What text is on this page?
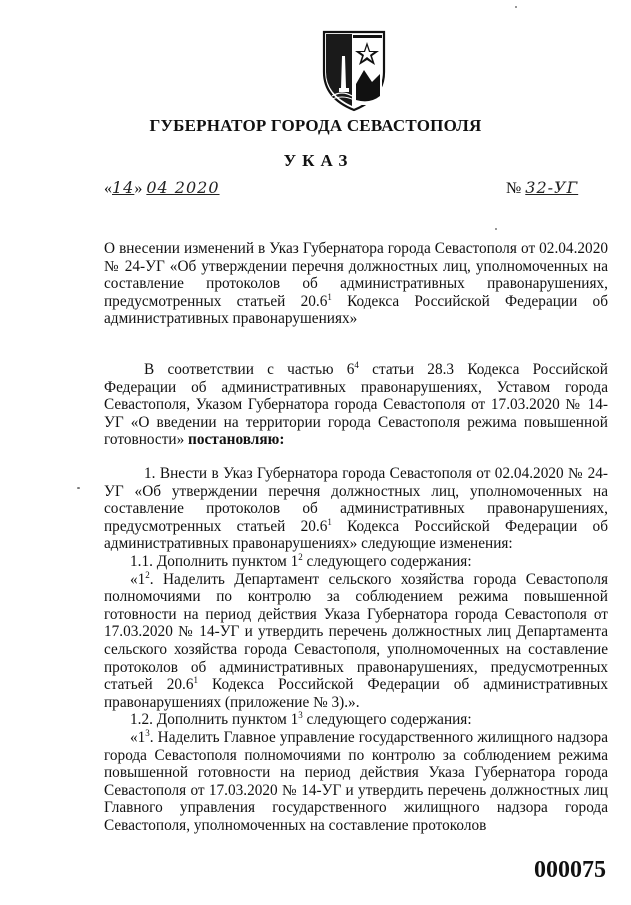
ГУБЕРНАТОР ГОРОДА СЕВАСТОПОЛЯ
УКАЗ
«14» 04 2020	№ 32-УГ

О внесении изменений в Указ Губернатора города Севастополя от 02.04.2020 № 24-УГ «Об утверждении перечня должностных лиц, уполномоченных на составление протоколов об административных правонарушениях, предусмотренных статьей 20.6$^1$ Кодекса Российской Федерации об административных правонарушениях»

В соответствии с частью $6^4$ статьи 28.3 Кодекса Российской Федерации об административных правонарушениях, Уставом города Севастополя, Указом Губернатора города Севастополя от 17.03.2020 № 14-УГ «О введении на территории города Севастополя режима повышенной готовности» постановляю:

1. Внести в Указ Губернатора города Севастополя от 02.04.2020 № 24-УГ «Об утверждении перечня должностных лиц, уполномоченных на составление протоколов об административных правонарушениях, предусмотренных статьей 20.6$^1$ Кодекса Российской Федерации об административных правонарушениях» следующие изменения:

1.1. Дополнить пунктом $1^2$ следующего содержания:

«$1^2$. Наделить Департамент сельского хозяйства города Севастополя полномочиями по контролю за соблюдением режима повышенной готовности на период действия Указа Губернатора города Севастополя от 17.03.2020 № 14-УГ и утвердить перечень должностных лиц Департамента сельского хозяйства города Севастополя, уполномоченных на составление протоколов об административных правонарушениях, предусмотренных статьей 20.6$^1$ Кодекса Российской Федерации об административных правонарушениях (приложение № 3).».

1.2. Дополнить пунктом $1^3$ следующего содержания:

«$1^3$. Наделить Главное управление государственного жилищного надзора города Севастополя полномочиями по контролю за соблюдением режима повышенной готовности на период действия Указа Губернатора города Севастополя от 17.03.2020 № 14-УГ и утвердить перечень должностных лиц Главного управления государственного жилищного надзора города Севастополя, уполномоченных на составление протоколов

000075
